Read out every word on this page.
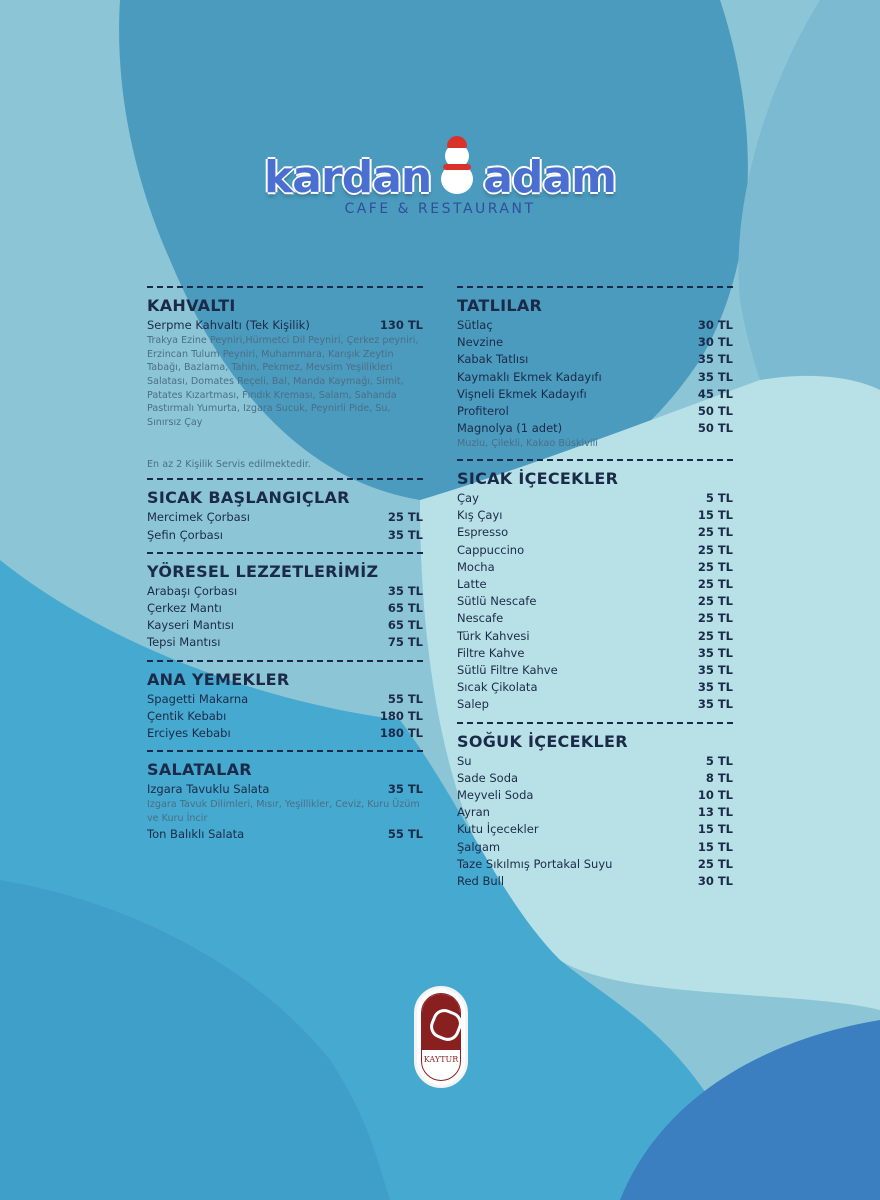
kardan adam
CAFE & RESTAURANT
KAHVALTI
Serpme Kahvaltı (Tek Kişilik)	130 TL
Trakya Ezine Peyniri,Hürmetci Dil Peyniri, Çerkez peyniri, Erzincan Tulum Peyniri, Muhammara, Karışık Zeytin Tabağı, Bazlama, Tahin, Pekmez, Mevsim Yeşillikleri Salatası, Domates Reçeli, Bal, Manda Kaymağı, Simit, Patates Kızartması, Fındık Kreması, Salam, Sahanda Pastırmalı Yumurta, Izgara Sucuk, Peynirli Pide, Su, Sınırsız Çay
En az 2 Kişilik Servis edilmektedir.
SICAK BAŞLANGIÇLAR
Mercimek Çorbası	25 TL
Şefin Çorbası	35 TL
YÖRESEL LEZZETLERİMİZ
Arabaşı Çorbası	35 TL
Çerkez Mantı	65 TL
Kayseri Mantısı	65 TL
Tepsi Mantısı	75 TL
ANA YEMEKLER
Spagetti Makarna	55 TL
Çentik Kebabı	180 TL
Erciyes Kebabı	180 TL
SALATALAR
Izgara Tavuklu Salata	35 TL
Izgara Tavuk Dilimleri, Mısır, Yeşillikler, Ceviz, Kuru Üzüm ve Kuru İncir
Ton Balıklı Salata	55 TL
TATLILAR
Sütlaç	30 TL
Nevzine	30 TL
Kabak Tatlısı	35 TL
Kaymaklı Ekmek Kadayıfı	35 TL
Vişneli Ekmek Kadayıfı	45 TL
Profiterol	50 TL
Magnolya (1 adet)	50 TL
Muzlu, Çilekli, Kakao Büskivili
SICAK İÇECEKLER
Çay	5 TL
Kış Çayı	15 TL
Espresso	25 TL
Cappuccino	25 TL
Mocha	25 TL
Latte	25 TL
Sütlü Nescafe	25 TL
Nescafe	25 TL
Türk Kahvesi	25 TL
Filtre Kahve	35 TL
Sütlü Filtre Kahve	35 TL
Sıcak Çikolata	35 TL
Salep	35 TL
SOĞUK İÇECEKLER
Su	5 TL
Sade Soda	8 TL
Meyveli Soda	10 TL
Ayran	13 TL
Kutu İçecekler	15 TL
Şalgam	15 TL
Taze Sıkılmış Portakal Suyu	25 TL
Red Bull	30 TL
KAYTUR
